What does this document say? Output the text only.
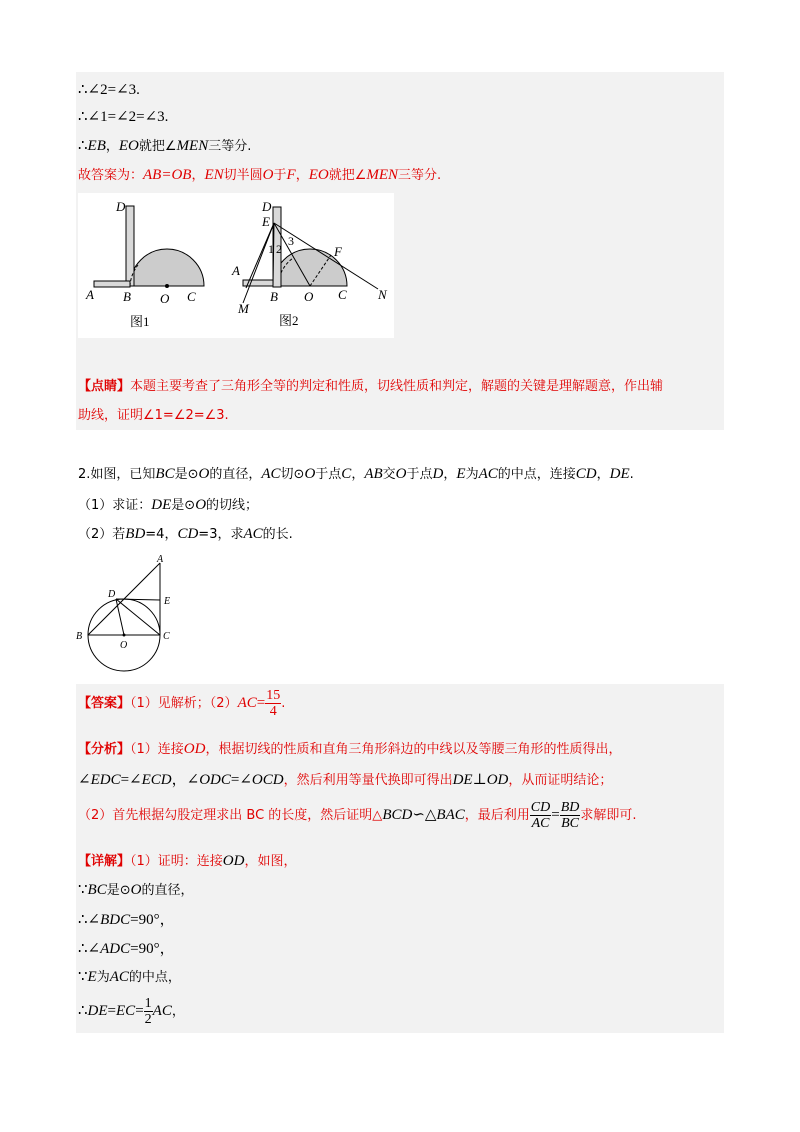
∴∠2=∠3.
∴∠1=∠2=∠3.
∴EB，EO就把∠MEN三等分.
故答案为：AB=OB，EN切半圆O于F，EO就把∠MEN三等分.
D
A B O C
图1
D
E
1 2
3
F
A
B O C N
M
图2
【点睛】本题主要考查了三角形全等的判定和性质，切线性质和判定，解题的关键是理解题意，作出辅
助线，证明∠1=∠2=∠3.
2.如图，已知BC是⊙O的直径，AC切⊙O于点C，AB交O于点D，E为AC的中点，连接CD，DE.
（1）求证：DE是⊙O的切线；
（2）若BD=4，CD=3，求AC的长.
A
D
E
B
O
C
【答案】（1）见解析；$(2)AC= \frac{15}{4}$ .
【分析】（1）连接OD，根据切线的性质和直角三角形斜边的中线以及等腰三角形的性质得出，
∠EDC=∠ECD，∠ODC=∠OCD，然后利用等量代换即可得出DE⊥OD，从而证明结论；
（2）首先根据勾股定理求出 BC 的长度，然后证明△BCD∽△BAC，最后利用 $\frac{CD}{AC} = \frac{BD}{BC}$ 求解即可.
【详解】（1）证明：连接OD，如图，
∵BC是⊙O的直径，
∴∠BDC=90°，
∴∠ADC=90°，
∵E为AC的中点，
∴DE=EC= $\frac{1}{2}$ AC，
